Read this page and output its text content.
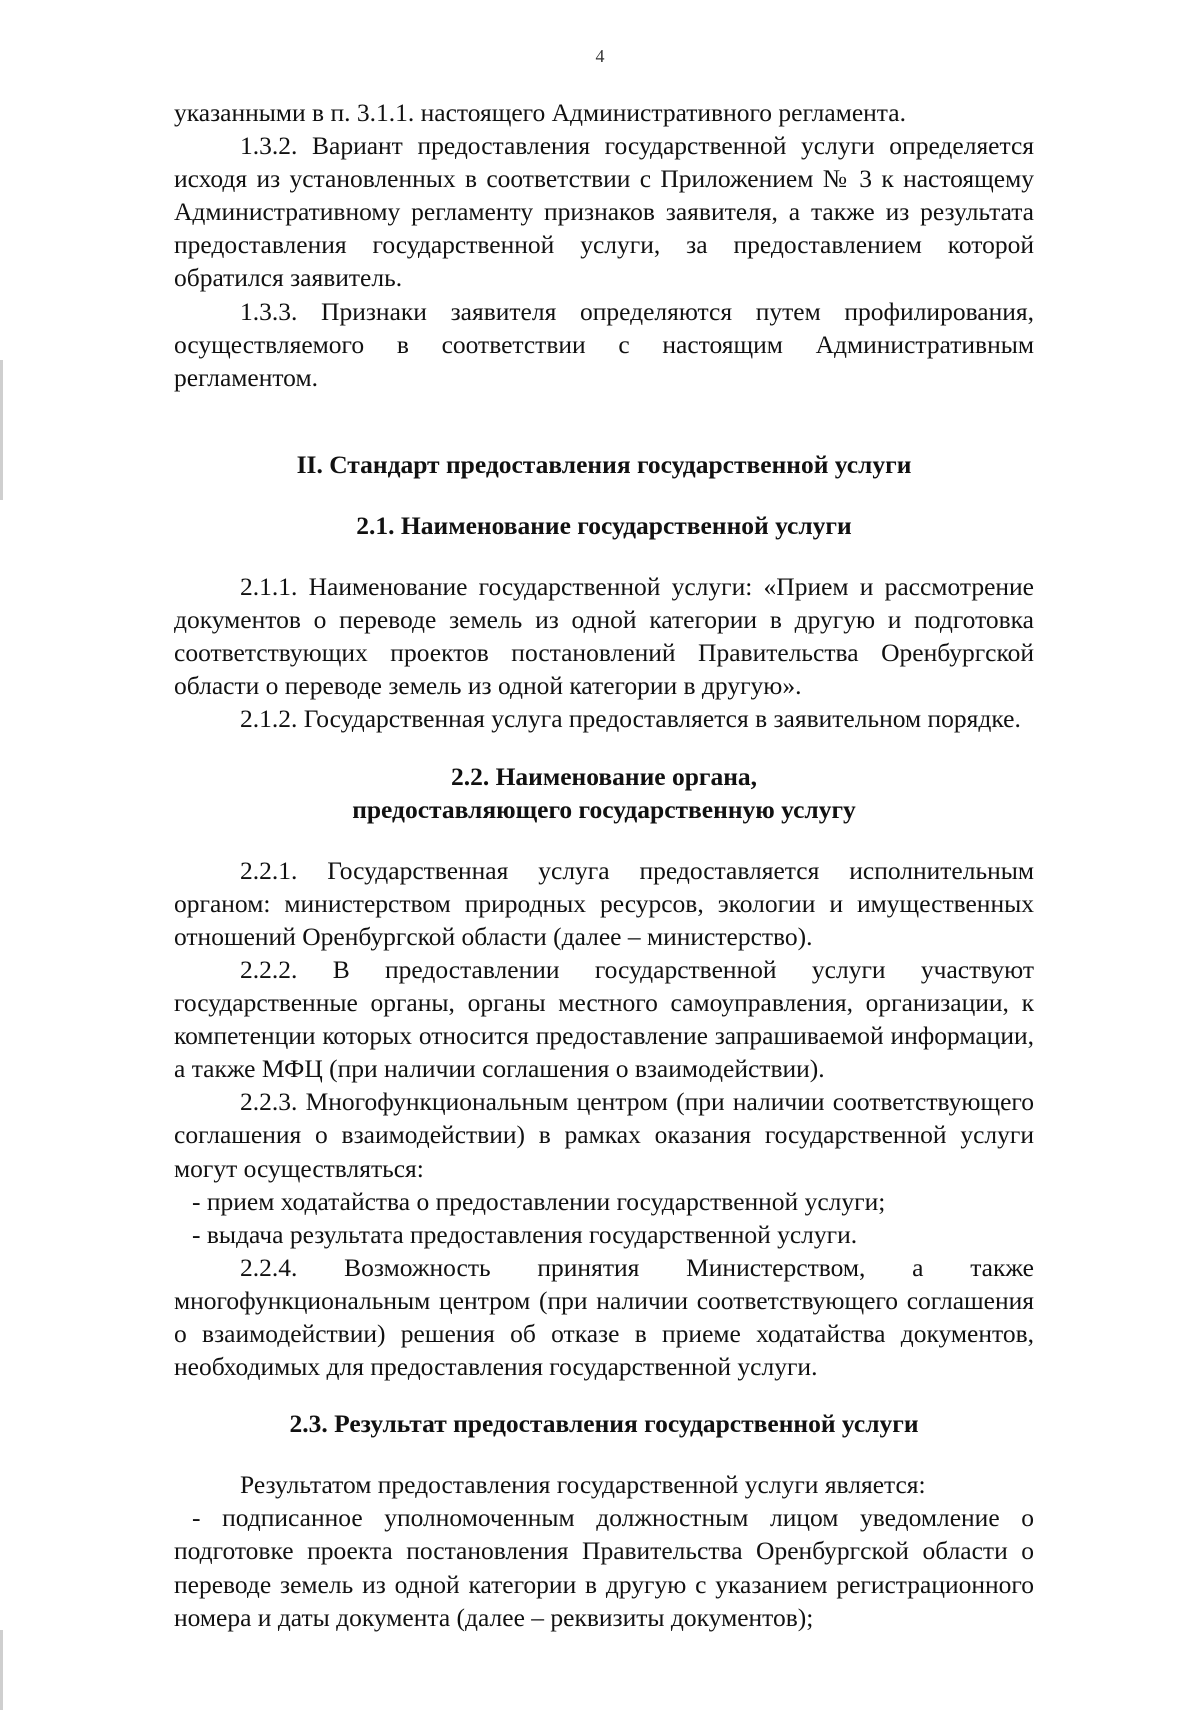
4

указанными в п. 3.1.1. настоящего Административного регламента.

1.3.2. Вариант предоставления государственной услуги определяется исходя из установленных в соответствии с Приложением № 3 к настоящему Административному регламенту признаков заявителя, а также из результата предоставления государственной услуги, за предоставлением которой обратился заявитель.

1.3.3. Признаки заявителя определяются путем профилирования, осуществляемого в соответствии с настоящим Административным регламентом.

II. Стандарт предоставления государственной услуги
2.1. Наименование государственной услуги

2.1.1. Наименование государственной услуги: «Прием и рассмотрение документов о переводе земель из одной категории в другую и подготовка соответствующих проектов постановлений Правительства Оренбургской области о переводе земель из одной категории в другую».

2.1.2. Государственная услуга предоставляется в заявительном порядке.

2.2. Наименование органа,
предоставляющего государственную услугу

2.2.1. Государственная услуга предоставляется исполнительным органом: министерством природных ресурсов, экологии и имущественных отношений Оренбургской области (далее – министерство).

2.2.2. В предоставлении государственной услуги участвуют государственные органы, органы местного самоуправления, организации, к компетенции которых относится предоставление запрашиваемой информации, а также МФЦ (при наличии соглашения о взаимодействии).

2.2.3. Многофункциональным центром (при наличии соответствующего соглашения о взаимодействии) в рамках оказания государственной услуги могут осуществляться:

- прием ходатайства о предоставлении государственной услуги;

- выдача результата предоставления государственной услуги.

2.2.4. Возможность принятия Министерством, а также многофункциональным центром (при наличии соответствующего соглашения о взаимодействии) решения об отказе в приеме ходатайства документов, необходимых для предоставления государственной услуги.

2.3. Результат предоставления государственной услуги

Результатом предоставления государственной услуги является:

- подписанное уполномоченным должностным лицом уведомление о подготовке проекта постановления Правительства Оренбургской области о переводе земель из одной категории в другую с указанием регистрационного номера и даты документа (далее – реквизиты документов);
